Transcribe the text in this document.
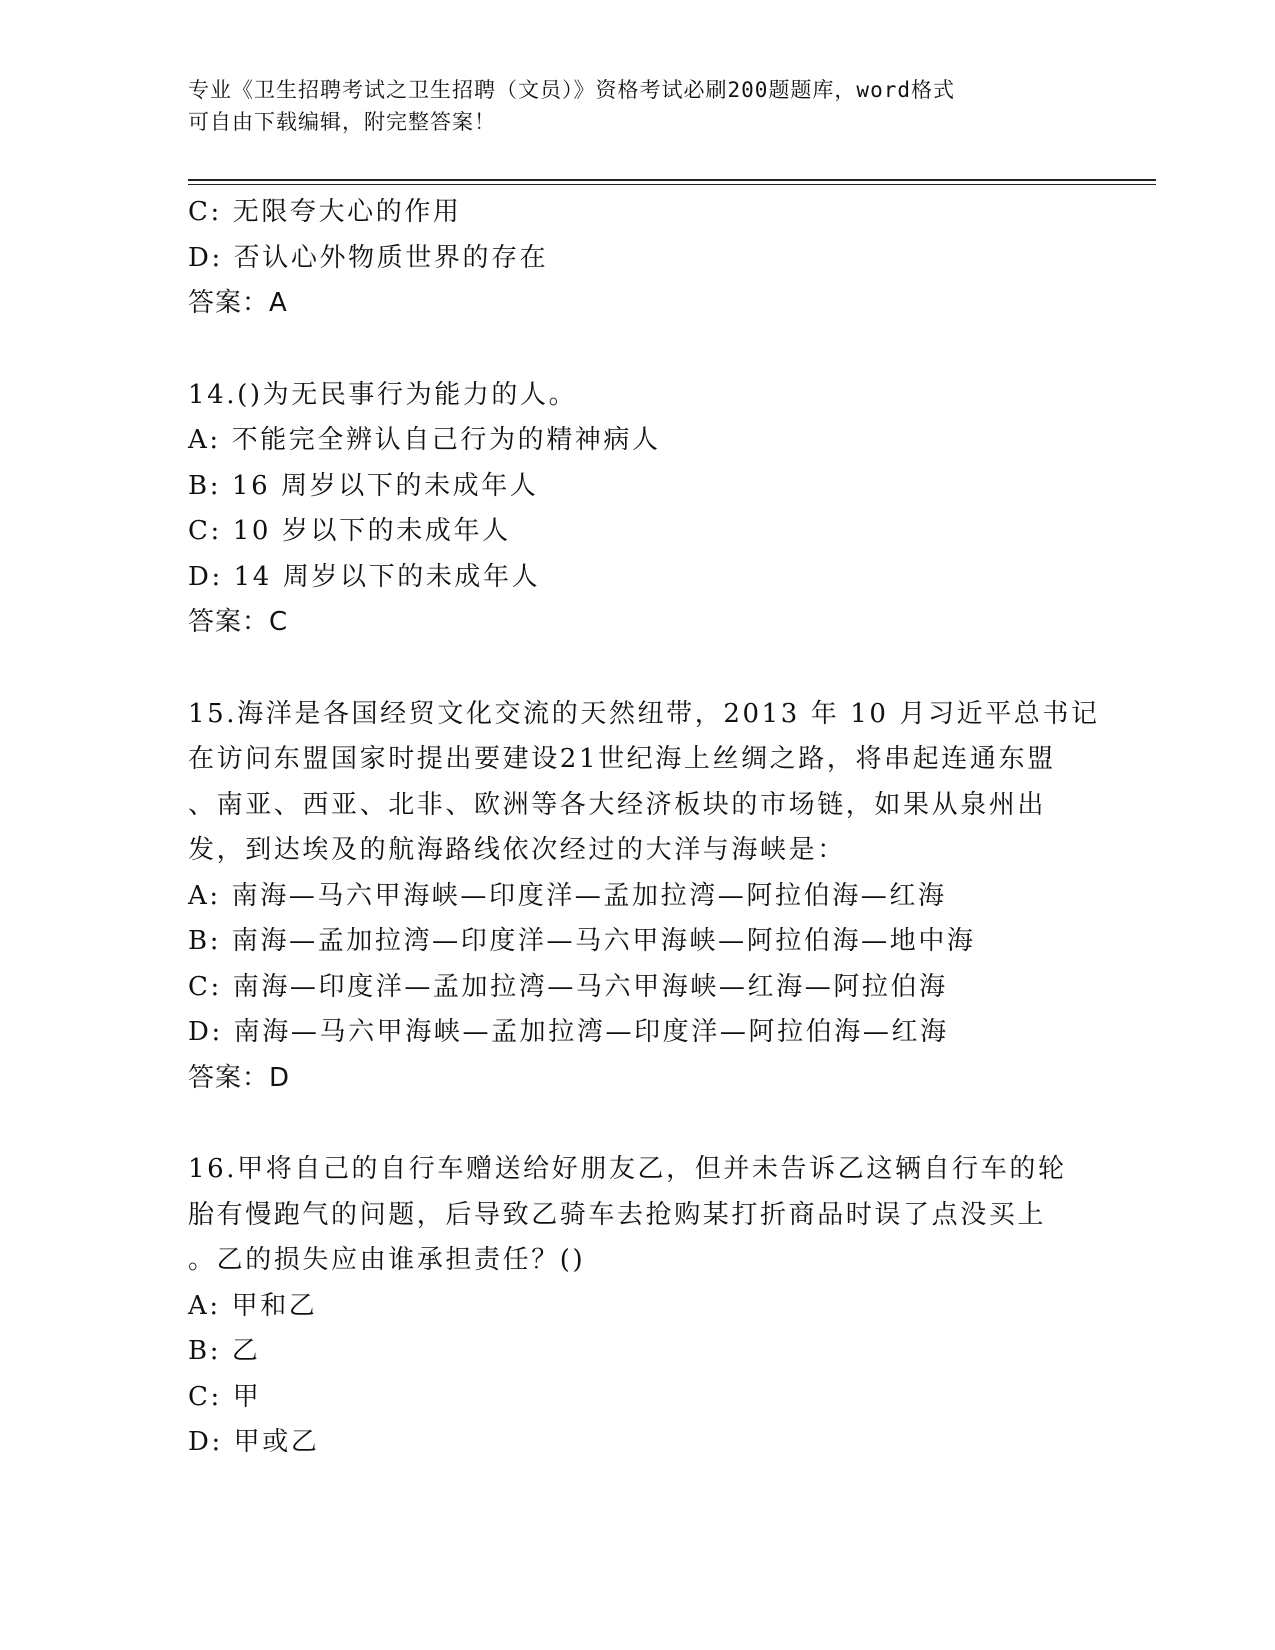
专业《卫生招聘考试之卫生招聘（文员）》资格考试必刷200题题库，word格式
可自由下载编辑，附完整答案！
C: 无限夸大心的作用
D: 否认心外物质世界的存在
答案：A
14.()为无民事行为能力的人。
A: 不能完全辨认自己行为的精神病人
B: 16 周岁以下的未成年人
C: 10 岁以下的未成年人
D: 14 周岁以下的未成年人
答案：C
15.海洋是各国经贸文化交流的天然纽带，2013 年 10 月习近平总书记
在访问东盟国家时提出要建设21世纪海上丝绸之路，将串起连通东盟
、南亚、西亚、北非、欧洲等各大经济板块的市场链，如果从泉州出
发，到达埃及的航海路线依次经过的大洋与海峡是：
A: 南海—马六甲海峡—印度洋—孟加拉湾—阿拉伯海—红海
B: 南海—孟加拉湾—印度洋—马六甲海峡—阿拉伯海—地中海
C: 南海—印度洋—孟加拉湾—马六甲海峡—红海—阿拉伯海
D: 南海—马六甲海峡—孟加拉湾—印度洋—阿拉伯海—红海
答案：D
16.甲将自己的自行车赠送给好朋友乙，但并未告诉乙这辆自行车的轮
胎有慢跑气的问题，后导致乙骑车去抢购某打折商品时误了点没买上
。乙的损失应由谁承担责任？()
A: 甲和乙
B: 乙
C: 甲
D: 甲或乙
